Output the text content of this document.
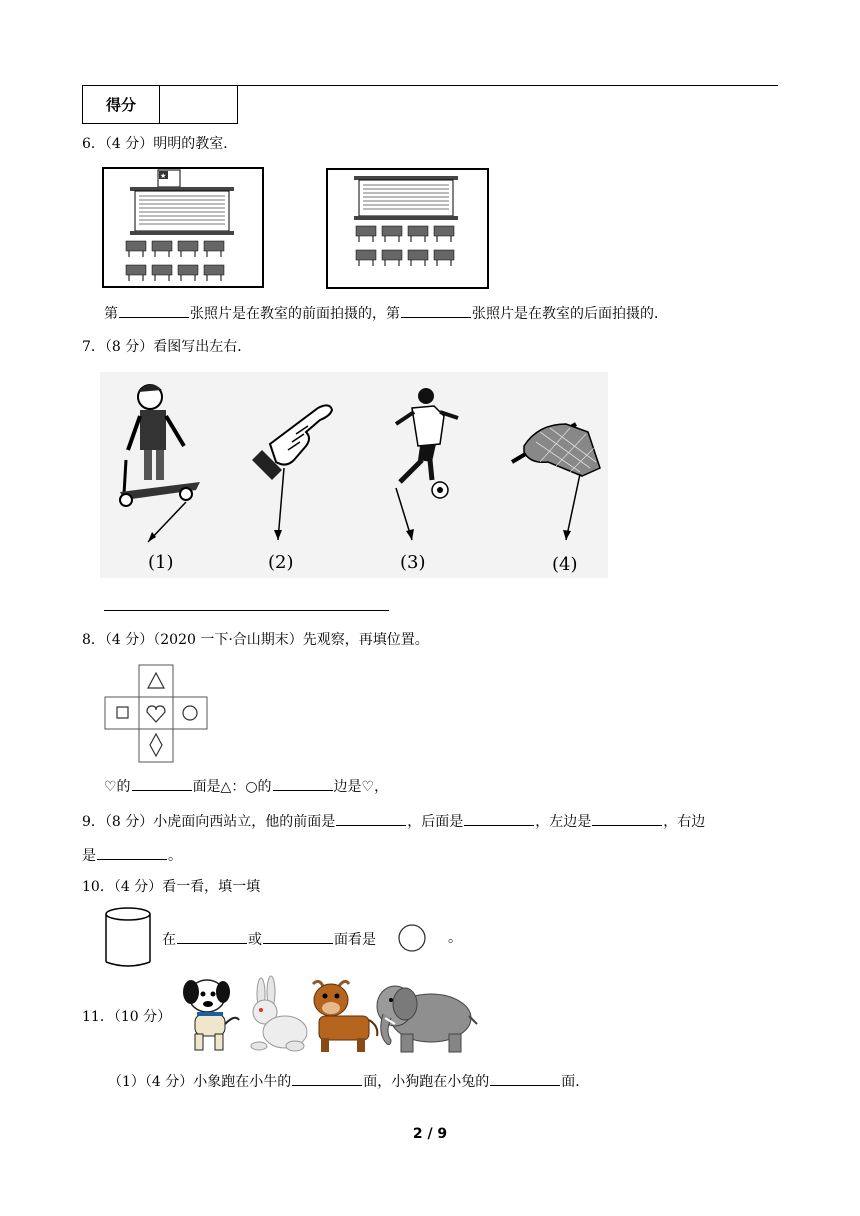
得分
6．（4 分）明明的教室．
★
第	张照片是在教室的前面拍摄的，第	张照片是在教室的后面拍摄的．
7．（8 分）看图写出左右．
(1)	(2)	(3)	(4)
8．（4 分）（2020 一下·合山期末）先观察，再填位置。
♡的	面是△：○的	边是♡，
9．（8 分）小虎面向西站立，他的前面是	，后面是	，左边是	，右边
是	。
10．（4 分）看一看，填一填
在	或	面看是	。
11．（10 分）
（1）（4 分）小象跑在小牛的	面，小狗跑在小兔的	面．
2 / 9
